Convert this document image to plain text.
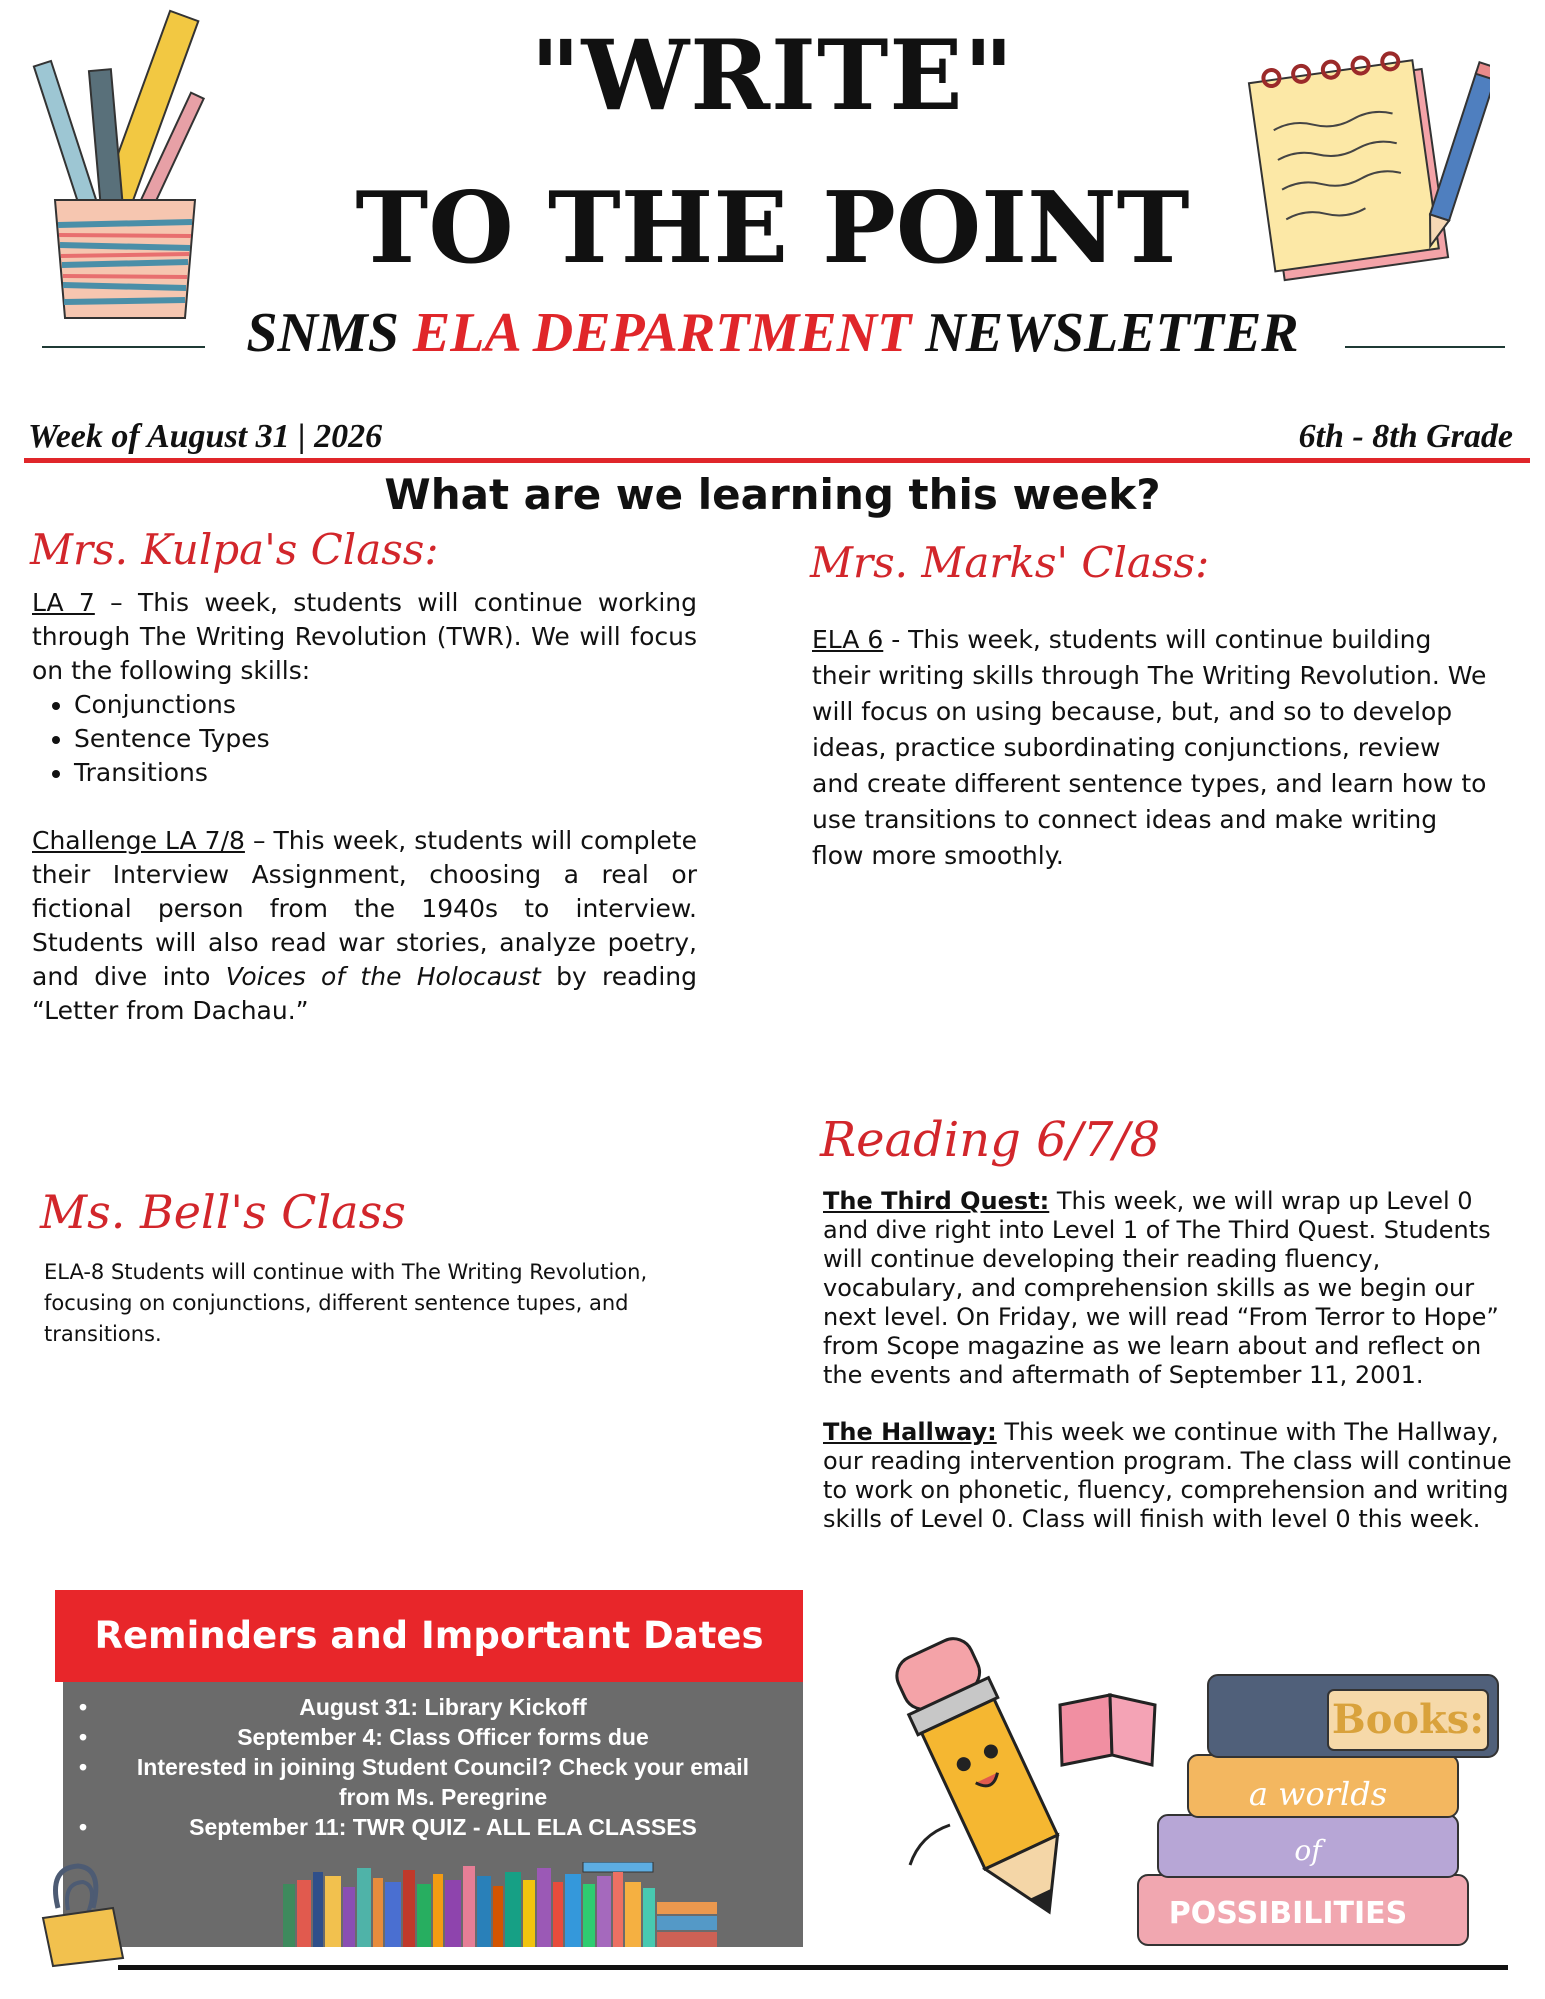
"WRITE"
TO THE POINT
SNMS ELA DEPARTMENT NEWSLETTER
Week of August 31 | 2026	6th - 8th Grade
What are we learning this week?
Mrs. Kulpa's Class:
LA 7 – This week, students will continue working through The Writing Revolution (TWR). We will focus on the following skills:
• Conjunctions
• Sentence Types
• Transitions
Challenge LA 7/8 – This week, students will complete their Interview Assignment, choosing a real or fictional person from the 1940s to interview. Students will also read war stories, analyze poetry, and dive into Voices of the Holocaust by reading “Letter from Dachau.”
Mrs. Marks' Class:
ELA 6 - This week, students will continue building their writing skills through The Writing Revolution. We will focus on using because, but, and so to develop ideas, practice subordinating conjunctions, review and create different sentence types, and learn how to use transitions to connect ideas and make writing flow more smoothly.
Ms. Bell's Class
ELA-8 Students will continue with The Writing Revolution, focusing on conjunctions, different sentence tupes, and transitions.
Reading 6/7/8
The Third Quest: This week, we will wrap up Level 0 and dive right into Level 1 of The Third Quest. Students will continue developing their reading fluency, vocabulary, and comprehension skills as we begin our next level. On Friday, we will read “From Terror to Hope” from Scope magazine as we learn about and reflect on the events and aftermath of September 11, 2001.
The Hallway: This week we continue with The Hallway, our reading intervention program. The class will continue to work on phonetic, fluency, comprehension and writing skills of Level 0. Class will finish with level 0 this week.
Reminders and Important Dates
•	August 31: Library Kickoff
•	September 4: Class Officer forms due
• Interested in joining Student Council? Check your email from Ms. Peregrine
•	September 11: TWR QUIZ - ALL ELA CLASSES
Books:
a worlds
of
POSSIBILITIES
